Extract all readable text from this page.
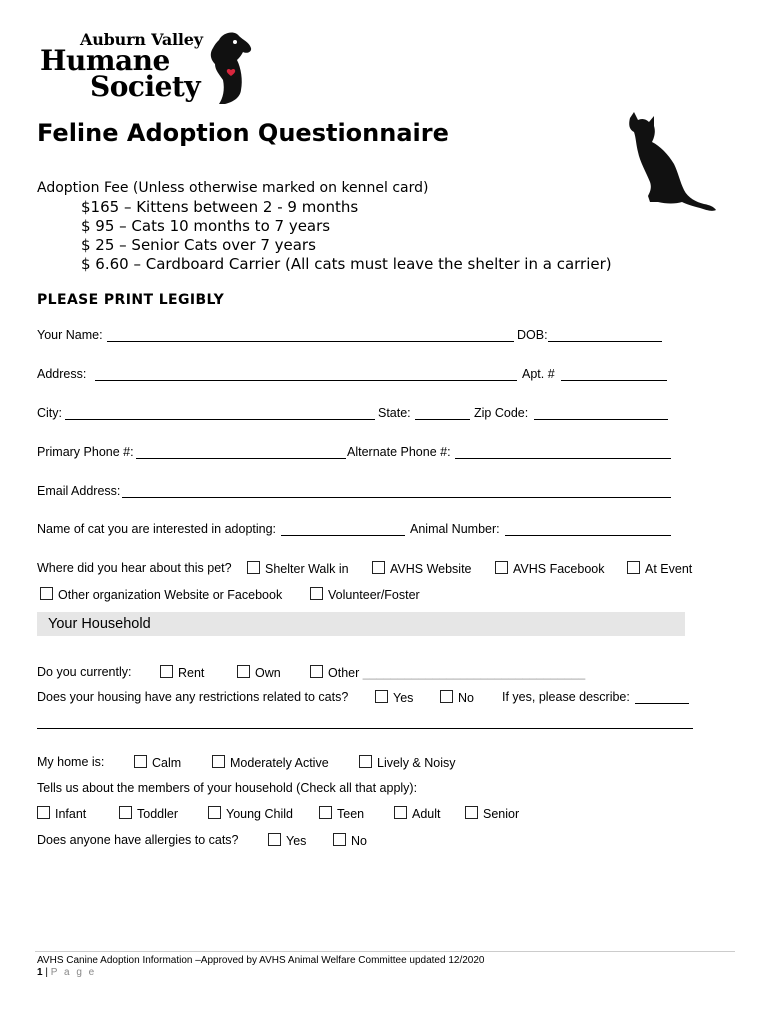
Auburn Valley
Humane
Society
Feline Adoption Questionnaire
Adoption Fee (Unless otherwise marked on kennel card)
$165 – Kittens between 2 - 9 months
$ 95 – Cats 10 months to 7 years
$ 25 – Senior Cats over 7 years
$ 6.60 – Cardboard Carrier (All cats must leave the shelter in a carrier)
PLEASE PRINT LEGIBLY
Your Name:	DOB:
Address:	Apt. #
City:	State:	Zip Code:
Primary Phone #:	Alternate Phone #:
Email Address:
Name of cat you are interested in adopting:	Animal Number:
Where did you hear about this pet?	Shelter Walk in	AVHS Website	AVHS Facebook	At Event
Other organization Website or Facebook	Volunteer/Foster
Your Household
Do you currently:	Rent	Own	Other ________________________________
Does your housing have any restrictions related to cats?	Yes	No If yes, please describe:
My home is:	Calm	Moderately Active	Lively & Noisy
Tells us about the members of your household (Check all that apply):
Infant	Toddler	Young Child	Teen	Adult	Senior
Does anyone have allergies to cats?	Yes	No
AVHS Canine Adoption Information –Approved by AVHS Animal Welfare Committee updated 12/2020
1 | P a g e
